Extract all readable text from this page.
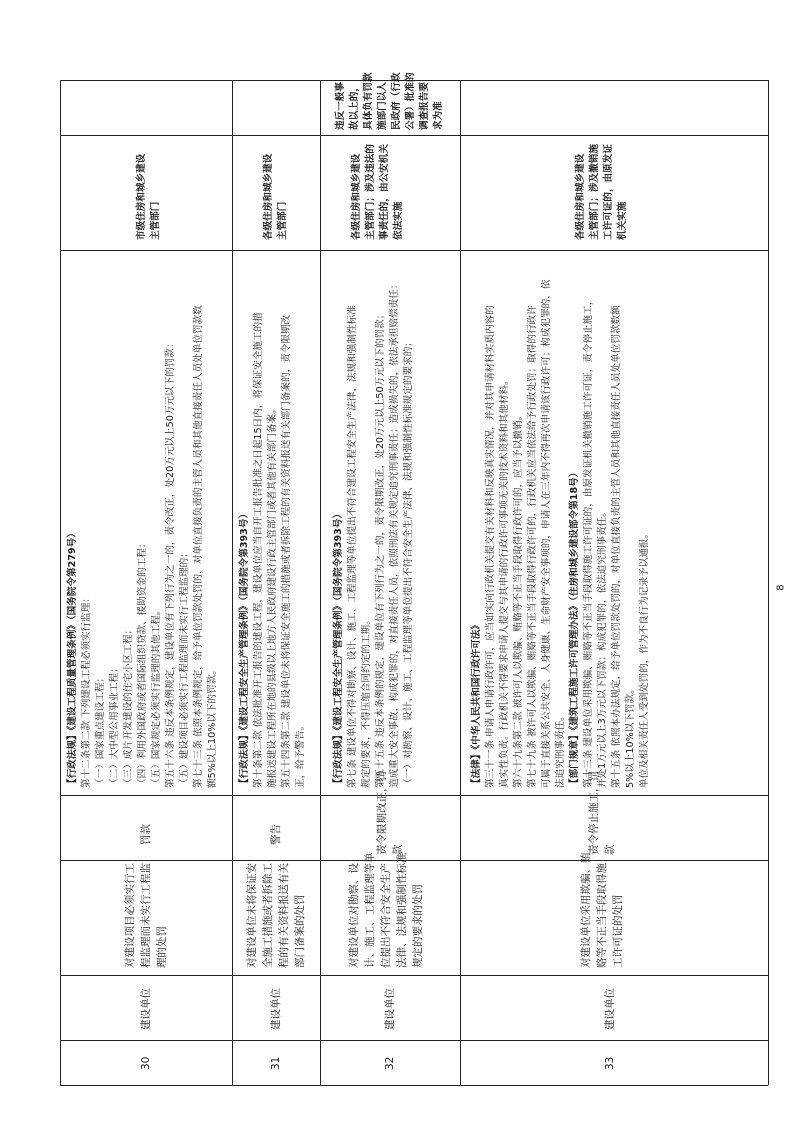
30
建设单位
对建设项目必须实行工 程监理而未实行工程监 理的处罚
罚款
【行政法规】《建设工程质量管理条例》（国务院令第279号） 第十二条第二款 下列建设工程必须实行监理： （一）国家重点建设工程； （二）大中型公用事业工程； （三）成片开发建设的住宅小区工程； （四）利用外国政府或者国际组织贷款、援助资金的工程； （五）国家规定必须实行监理的其他工程。 第五十六条 违反本条例规定，建设单位有下列行为之一的，责令改正，处20万元以上50万元以下的罚款： （五）建设项目必须实行工程监理而未实行工程监理的； 第七十三条 依照本条例规定，给予单位罚款处罚的，对单位直接负责的主管人员和其他直接责任人员处单位罚款数 额5%以上10%以下的罚款。
市级住房和城乡建设 主管部门
31
建设单位
对建设单位未将保证安 全施工措施或者拆除工 程的有关资料报送有关 部门备案的处罚
警告
【行政法规】《建设工程安全生产管理条例》（国务院令第393号） 第十条第二款 依法批准开工报告的建设工程，建设单位应当自开工报告批准之日起15日内，将保证安全施工的措 施报送建设工程所在地的县级以上地方人民政府建设行政主管部门或者其他有关部门备案。 第五十四条第二款 建设单位未将保证安全施工的措施或者拆除工程的有关资料报送有关部门备案的，责令限期改 正，给予警告。
各级住房和城乡建设 主管部门
32
建设单位
对建设单位对勘察、设 计、施工、工程监理等单 位提出不符合安全生产 法律、法规和强制性标准 规定的要求的处罚
责令限期改正，罚款
【行政法规】《建设工程安全生产管理条例》（国务院令第393号） 第七条 建设单位不得对勘察、设计、施工、工程监理等单位提出不符合建设工程安全生产法律、法规和强制性标准 规定的要求，不得压缩合同约定的工期。 第五十五条 违反本条例的规定，建设单位有下列行为之一的，责令限期改正，处20万元以上50万元以下的罚款； 造成重大安全事故，构成犯罪的，对直接责任人员，依照刑法有关规定追究刑事责任；造成损失的，依法承担赔偿责任： （一）对勘察、设计、施工、工程监理等单位提出不符合安全生产法律、法规和强制性标准规定的要求的；
各级住房和城乡建设 主管部门；涉及违法的 事责任的，由公安机关 依法实施
违反一般事 故以上的， 具体负有罚款 施部门以人 民政府（行政 公署）批准的 调查报告要 求为准
33
建设单位
对建设单位采用欺骗、贿 赂等不正当手段取得施 工许可证的处罚
责令停止施工，罚款
【法律】《中华人民共和国行政许可法》 第三十一条 申请人申请行政许可，应当如实向行政机关提交有关材料和反映真实情况，并对其申请材料实质内容的 真实性负责。行政机关不得要求申请人提交与其申请的行政许可事项无关的技术资料和其他材料。 第六十九条第二款 被许可人以欺骗、贿赂等不正当手段取得行政许可的，应当予以撤销。 第七十九条 被许可人以欺骗、贿赂等不正当手段取得行政许可的，行政机关应当依法给予行政处罚；取得的行政许 可属于直接关系公共安全、人身健康、生命财产安全事项的，申请人在三年内不得再次申请该行政许可；构成犯罪的，依 法追究刑事责任。 【部门规章】《建筑工程施工许可管理办法》（住房和城乡建设部令第18号） 第十三条 建设单位采用欺骗、贿赂等不正当手段取得施工许可证的，由原发证机关撤销施工许可证，责令停止施工， 并处1万元以上3万元以下罚款；构成犯罪的，依法追究刑事责任。 第十五条 依照本办法规定，给予单位罚款处罚的，对单位直接负责的主管人员和其他直接责任人员处单位罚款数额 5%以上10%以下罚款。 单位及相关责任人受到处罚的，作为不良行为记录予以通报。
各级住房和城乡建设 主管部门；涉及撤销施 工许可证的，由原发证 机关实施
8
